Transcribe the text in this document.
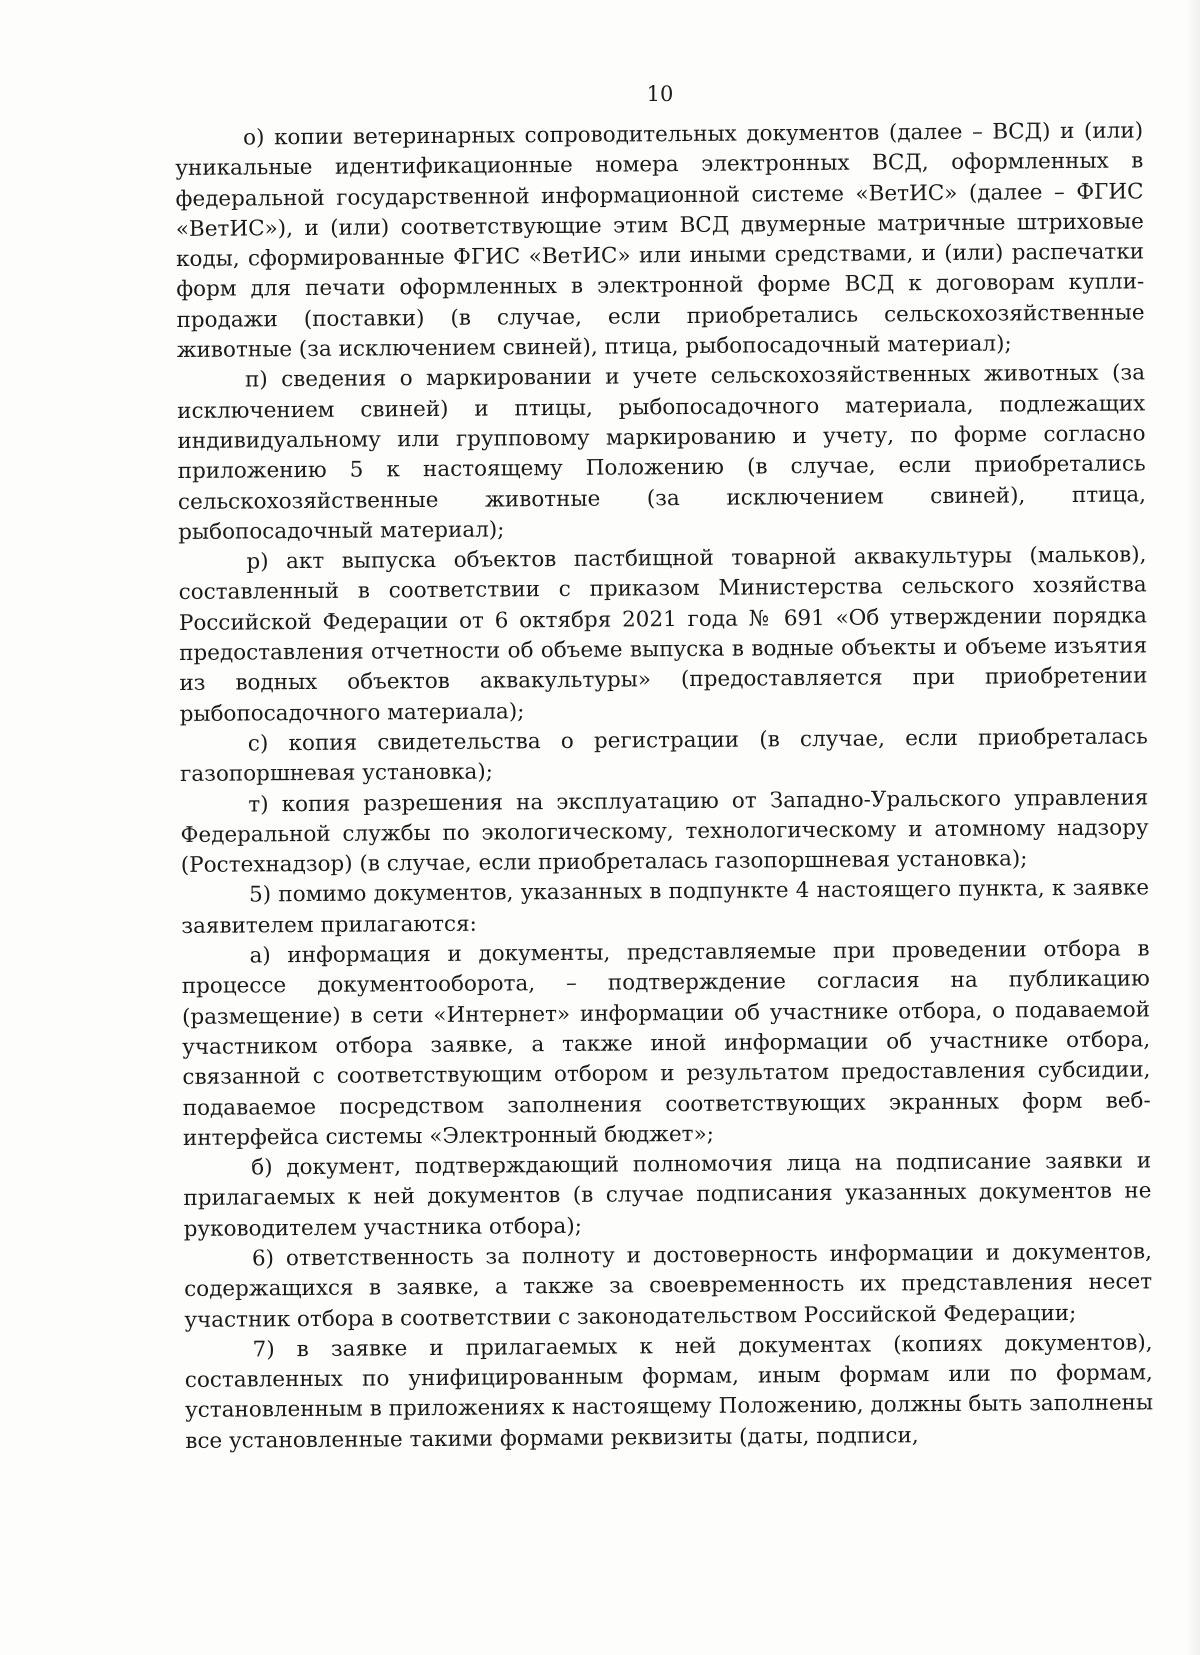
10

о) копии ветеринарных сопроводительных документов (далее – ВСД) и (или) уникальные идентификационные номера электронных ВСД, оформленных в федеральной государственной информационной системе «ВетИС» (далее – ФГИС «ВетИС»), и (или) соответствующие этим ВСД двумерные матричные штриховые коды, сформированные ФГИС «ВетИС» или иными средствами, и (или) распечатки форм для печати оформленных в электронной форме ВСД к договорам купли-продажи (поставки) (в случае, если приобретались сельскохозяйственные животные (за исключением свиней), птица, рыбопосадочный материал);

п) сведения о маркировании и учете сельскохозяйственных животных (за исключением свиней) и птицы, рыбопосадочного материала, подлежащих индивидуальному или групповому маркированию и учету, по форме согласно приложению 5 к настоящему Положению (в случае, если приобретались сельскохозяйственные животные (за исключением свиней), птица, рыбопосадочный материал);

р) акт выпуска объектов пастбищной товарной аквакультуры (мальков), составленный в соответствии с приказом Министерства сельского хозяйства Российской Федерации от 6 октября 2021 года № 691 «Об утверждении порядка предоставления отчетности об объеме выпуска в водные объекты и объеме изъятия из водных объектов аквакультуры» (предоставляется при приобретении рыбопосадочного материала);

с) копия свидетельства о регистрации (в случае, если приобреталась газопоршневая установка);

т) копия разрешения на эксплуатацию от Западно-Уральского управления Федеральной службы по экологическому, технологическому и атомному надзору (Ростехнадзор) (в случае, если приобреталась газопоршневая установка);

5) помимо документов, указанных в подпункте 4 настоящего пункта, к заявке заявителем прилагаются:

а) информация и документы, представляемые при проведении отбора в процессе документооборота, – подтверждение согласия на публикацию (размещение) в сети «Интернет» информации об участнике отбора, о подаваемой участником отбора заявке, а также иной информации об участнике отбора, связанной с соответствующим отбором и результатом предоставления субсидии, подаваемое посредством заполнения соответствующих экранных форм веб-интерфейса системы «Электронный бюджет»;

б) документ, подтверждающий полномочия лица на подписание заявки и прилагаемых к ней документов (в случае подписания указанных документов не руководителем участника отбора);

6) ответственность за полноту и достоверность информации и документов, содержащихся в заявке, а также за своевременность их представления несет участник отбора в соответствии с законодательством Российской Федерации;

7) в заявке и прилагаемых к ней документах (копиях документов), составленных по унифицированным формам, иным формам или по формам, установленным в приложениях к настоящему Положению, должны быть заполнены все установленные такими формами реквизиты (даты, подписи,
